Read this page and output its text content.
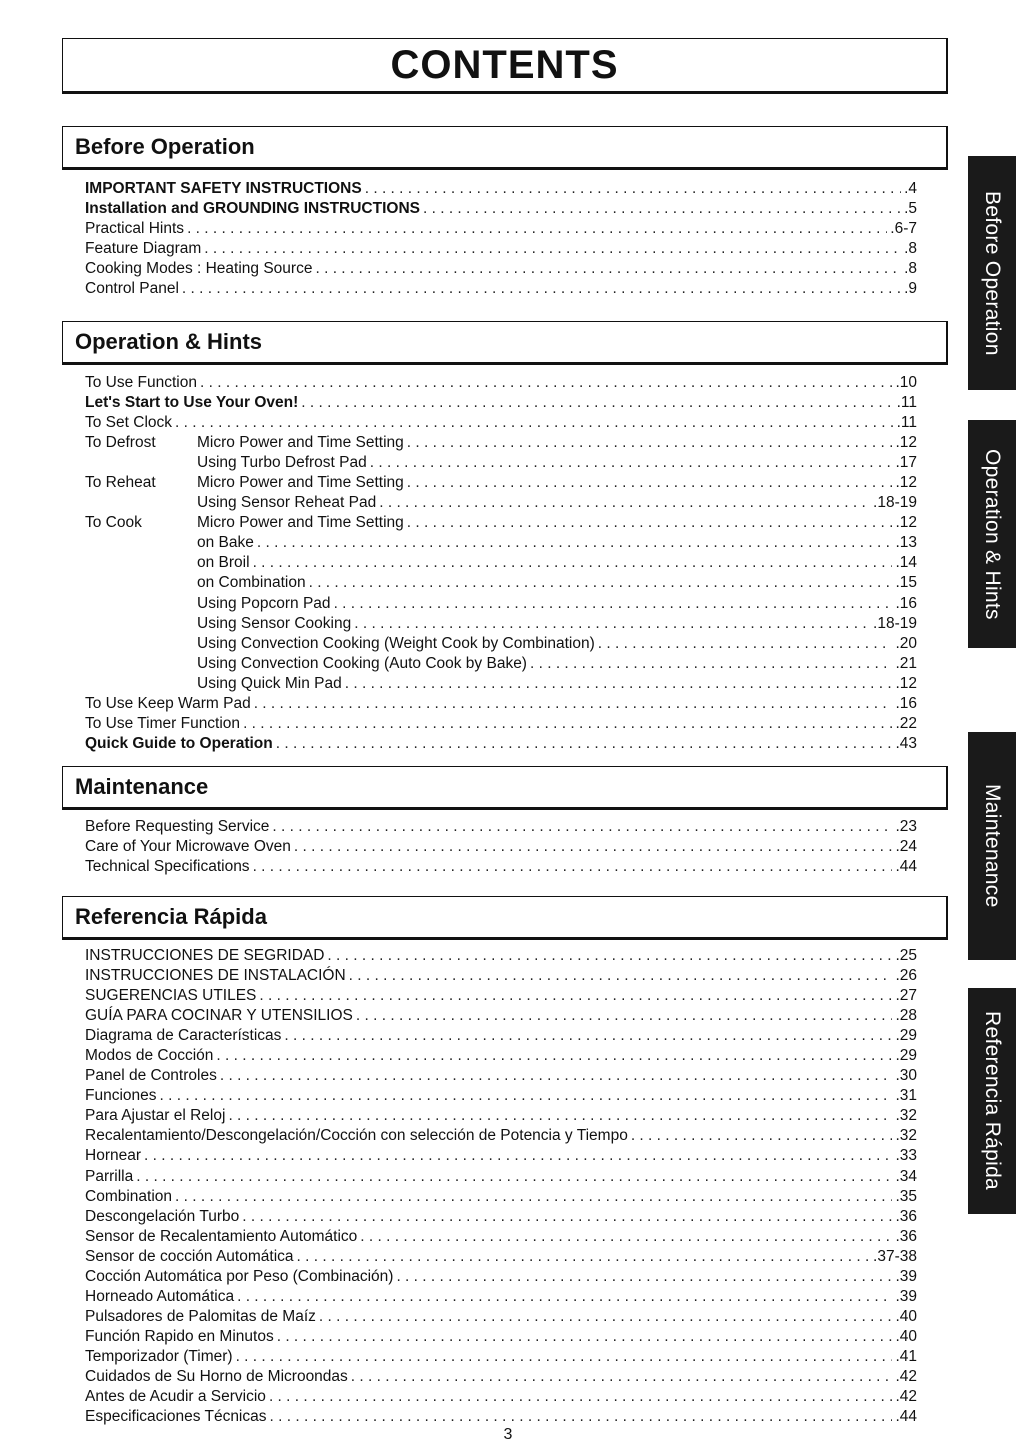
CONTENTS
Before Operation
Operation & Hints
Maintenance
Referencia Rápida
IMPORTANT SAFETY INSTRUCTIONS . . .	.4
Installation and GROUNDING INSTRUCTIONS . . .	.5
Practical Hints . . .	.6-7
Feature Diagram . . .	.8
Cooking Modes : Heating Source . . .	.8
Control Panel . . .	.9
To Use Function . . .	.10
Let's Start to Use Your Oven! . . .	.11
To Set Clock . . .	.11
To Defrost	Micro Power and Time Setting . . .	.12
Using Turbo Defrost Pad . . .	.17
To Reheat	Micro Power and Time Setting . . .	.12
Using Sensor Reheat Pad . . .	.18-19
To Cook	Micro Power and Time Setting . . .	.12
on Bake . . .	.13
on Broil . . .	.14
on Combination . . .	.15
Using Popcorn Pad . . .	.16
Using Sensor Cooking . . .	.18-19
Using Convection Cooking (Weight Cook by Combination) . . .	.20
Using Convection Cooking (Auto Cook by Bake) . . .	.21
Using Quick Min Pad . . .	.12
To Use Keep Warm Pad . . .	.16
To Use Timer Function . . .	.22
Quick Guide to Operation . . .	.43
Before Requesting Service . . .	.23
Care of Your Microwave Oven . . .	.24
Technical Specifications . . .	.44
INSTRUCCIONES DE SEGRIDAD . . .	.25
INSTRUCCIONES DE INSTALACIÓN . . .	.26
SUGERENCIAS UTILES . . .	.27
GUÍA PARA COCINAR Y UTENSILIOS . . .	.28
Diagrama de Características . . .	.29
Modos de Cocción . . .	.29
Panel de Controles . . .	.30
Funciones . . .	.31
Para Ajustar el Reloj . . .	.32
Recalentamiento/Descongelación/Cocción con selección de Potencia y Tiempo . . .	.32
Hornear . . .	.33
Parrilla . . .	.34
Combination . . .	.35
Descongelación Turbo . . .	.36
Sensor de Recalentamiento Automático . . .	.36
Sensor de cocción Automática . . .	.37-38
Cocción Automática por Peso (Combinación) . . .	.39
Horneado Automática . . .	.39
Pulsadores de Palomitas de Maíz . . .	.40
Función Rapido en Minutos . . .	.40
Temporizador (Timer) . . .	.41
Cuidados de Su Horno de Microondas . . .	.42
Antes de Acudir a Servicio . . .	.42
Especificaciones Técnicas . . .	.44
Before Operation
Operation & Hints
Maintenance
Referencia Rápida
3
